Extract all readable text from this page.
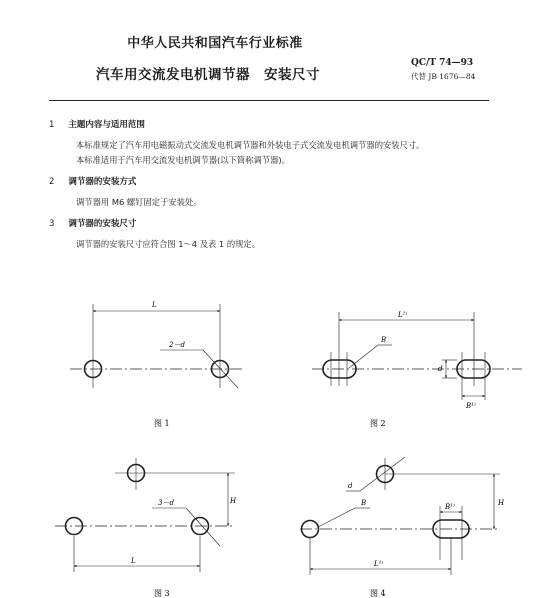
中华人民共和国汽车行业标准
汽车用交流发电机调节器　安装尺寸
QC/T 74—93
代替 JB 1676—84
1 主题内容与适用范围
本标准规定了汽车用电磁振动式交流发电机调节器和外装电子式交流发电机调节器的安装尺寸。
本标准适用于汽车用交流发电机调节器(以下简称调节器)。
2 调节器的安装方式
调节器用 M6 螺钉固定于安装处。
3 调节器的安装尺寸
调节器的安装尺寸应符合图 1～4 及表 1 的规定。
L
2－d
图 1
L¹⁾
B
d
B¹⁾
图 2
3－d	H
L
图 3
d
B	B¹⁾	H
L¹⁾
图 4
